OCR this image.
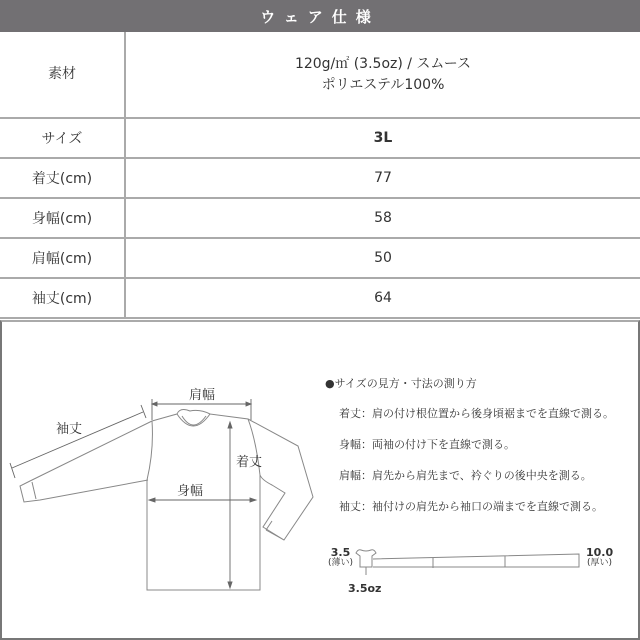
ウェア仕様
素材	120g/㎡ (3.5oz) / スムース
ポリエステル100%
サイズ	3L
着丈(cm)	77
身幅(cm)	58
肩幅(cm)	50
袖丈(cm)	64
肩幅
袖丈
着丈
身幅
●サイズの見方・寸法の測り方
着丈：肩の付け根位置から後身頃裾までを直線で測る。
身幅：両袖の付け下を直線で測る。
肩幅：肩先から肩先まで、衿ぐりの後中央を測る。
袖丈：袖付けの肩先から袖口の端までを直線で測る。
3.5
(薄い)
10.0
(厚い)
3.5oz
